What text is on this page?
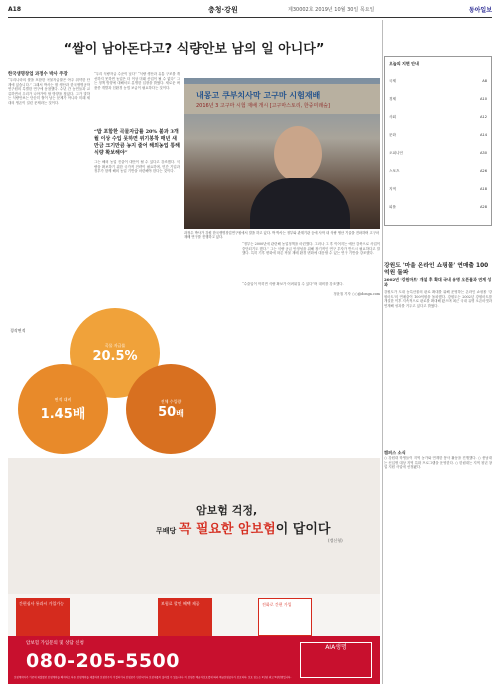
A18	충청·강원	제30002호 2019년 10월 30일 목요일	동아일보
“쌀이 남아돈다고? 식량안보 남의 일 아니다”
한국생명창업 과정수 박사 주장
“우리나라의 쌀을 포함한 곡물자급률은 아주 취약한 단계에 있습니다.” 그래서 박사는 쌀 생산과 한국생명공학연구원의 특별한 연구에 동참했다. 수년 간 농민들과 교류하면서 우리가 나아가야 할 방향을 찾았다. 그가 말하는 식량안보는 단순히 쌀이 남는 문제가 아니라 미래 세대의 생존이 걸린 문제라는 것이다.
“우리 식량자급 수준이 낮다” “식량 생산과 유통 구조를 개선하지 못하면 농업은 더 이상 미래 산업이 될 수 없다” 그는 정책 방향에 대해서도 분명한 입장을 밝혔다. 새로운 벼 품종 개발과 친환경 농법 보급이 필요하다는 것이다.
“밥 포함한 곡물자급률 20% 불과 3개월 이상 수입 못하면 위기봉착 매년 새만금 크기만큼 농지 줄어 해외농업 통해 식량 확보해야”
그는 해외 농업 진출이 대안이 될 수 있다고 강조했다. 식량을 확보하기 위한 국가적 전략이 필요하며, 민간 기업과 정부가 함께 해외 농업 기반을 마련해야 한다는 것이다.
내몽고 쿠부치사막 고구마 시험재배
2016년 3 고구마 시험 재배 개시 [고구마스토리, 한중미래숲]
과정수 박사가 강원 한국생명창업연구원에서 말을 하고 있다. 박 박사는 정부와 관계기관 등에 사막 내 식량 생산 기술을 전파하며 고구마 재배 연구를 진행하고 있다.
“정부는 2000년에 관련해 농업정책을 마련했다. 그러나 그 후 이어지는 예산 감축으로 사업이 중단되기도 했다.” 그는 식량 공급 안정성을 위해 장기적인 연구 투자가 반드시 필요하다고 말했다. 특히 기후 변화에 따른 작물 재배 환경 변화에 대응할 수 있는 연구 기반을 강조했다.
“수출입이 막히면 식량 확보가 어려워질 수 있다”며 대비를 강조했다.
정윤철 기자 ○○@donga.com
곡물 자급률
20.5%
면적 대비
1.45배
전체 수입량
50배
경작면적
암보험 걱정,
무배당 꼭 필요한 암보험이 답이다
(갱신형)
간편심사 통과시 가입가능	보험료 할인 혜택 제공	전화로 간편 가입
암보험 가입문의 및 상담 신청
080-205-5500
AIA생명
보험계약자가 기존에 체결했던 보험계약을 해지하고 다른 보험계약을 체결하면 보험인수가 거절되거나 보험료가 인상되거나 보장내용이 달라질 수 있습니다. 이 보험은 예금자보호법에 따라 예금보험공사가 보호하되, 보호 한도는 1인당 최고 5천만원입니다.
오늘의 지면 안내
국제	A8
경제	A10
사회	A12
문화	A14
오피니언	A30
스포츠	A26
지역	A18
피플	A28
강원도 '마을 온라인 쇼핑몰' 연매출 100억원 돌파
2002년 '강원마트' 개설 후 확대 국내 유명 오픈몰과 연계 성과
강원도가 도내 농특산물의 판로 확대를 위해 운영하는 온라인 쇼핑몰 '강원마트'의 연매출이 100억원을 돌파했다. 강원도는 2002년 강원마트를 개설한 이후 지속적으로 판로를 확대해 왔으며 최근 국내 유명 오픈마켓과 연계해 성과를 거두고 있다고 밝혔다.
캠퍼스 소식
○ 강원대 학생들이 지역 농가와 연계한 봉사 활동을 진행했다. ○ 충남대는 신입생 대상 지역 특화 프로그램을 운영한다. ○ 한림대는 지역 청년 창업 지원 사업에 선정됐다.
